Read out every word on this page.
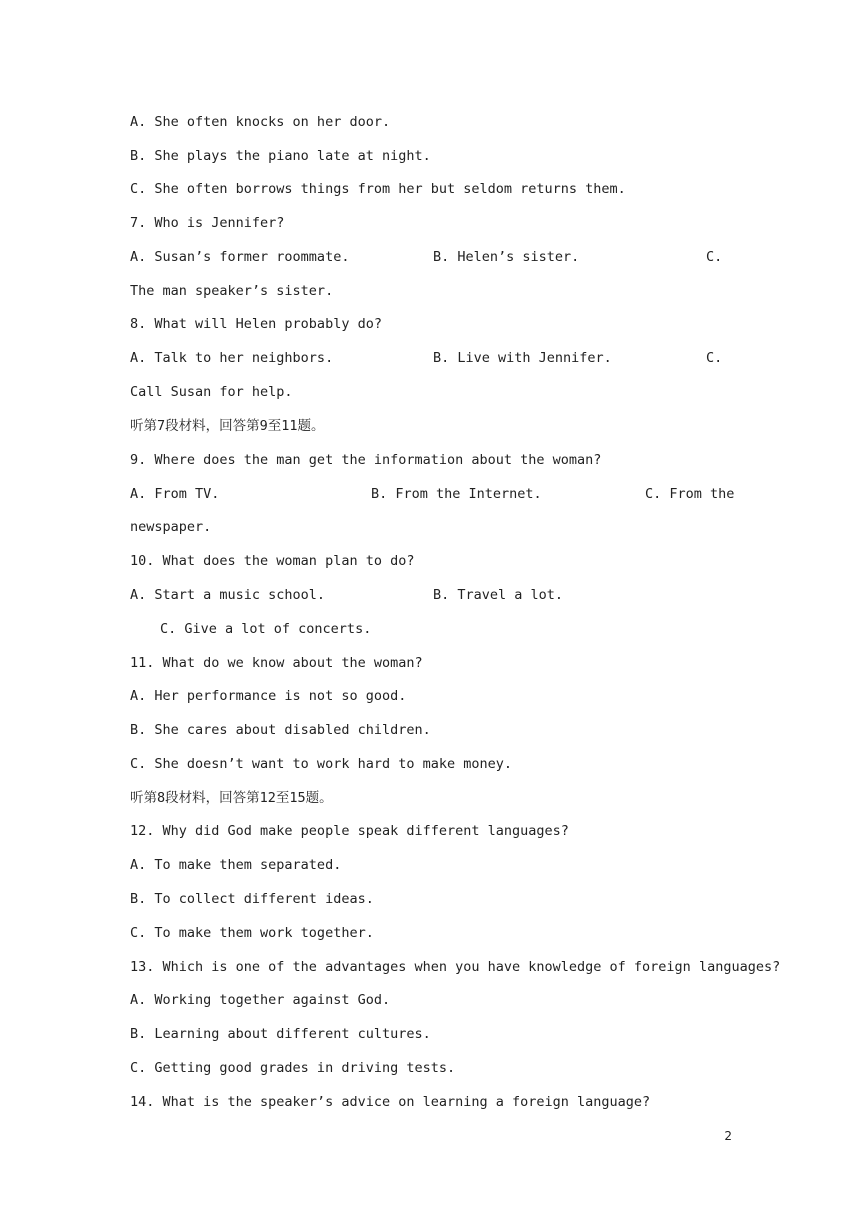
A. She often knocks on her door.
B. She plays the piano late at night.
C. She often borrows things from her but seldom returns them.
7. Who is Jennifer?
A. Susan’s former roommate.	B. Helen’s sister.	C.
The man speaker’s sister.
8. What will Helen probably do?
A. Talk to her neighbors.	B. Live with Jennifer.	C.
Call Susan for help.
听第7段材料，回答第9至11题。
9. Where does the man get the information about the woman?
A. From TV.	B. From the Internet.	C. From the
newspaper.
10. What does the woman plan to do?
A. Start a music school.	B. Travel a lot.
C. Give a lot of concerts.
11. What do we know about the woman?
A. Her performance is not so good.
B. She cares about disabled children.
C. She doesn’t want to work hard to make money.
听第8段材料，回答第12至15题。
12. Why did God make people speak different languages?
A. To make them separated.
B. To collect different ideas.
C. To make them work together.
13. Which is one of the advantages when you have knowledge of foreign languages?
A. Working together against God.
B. Learning about different cultures.
C. Getting good grades in driving tests.
14. What is the speaker’s advice on learning a foreign language?
2
